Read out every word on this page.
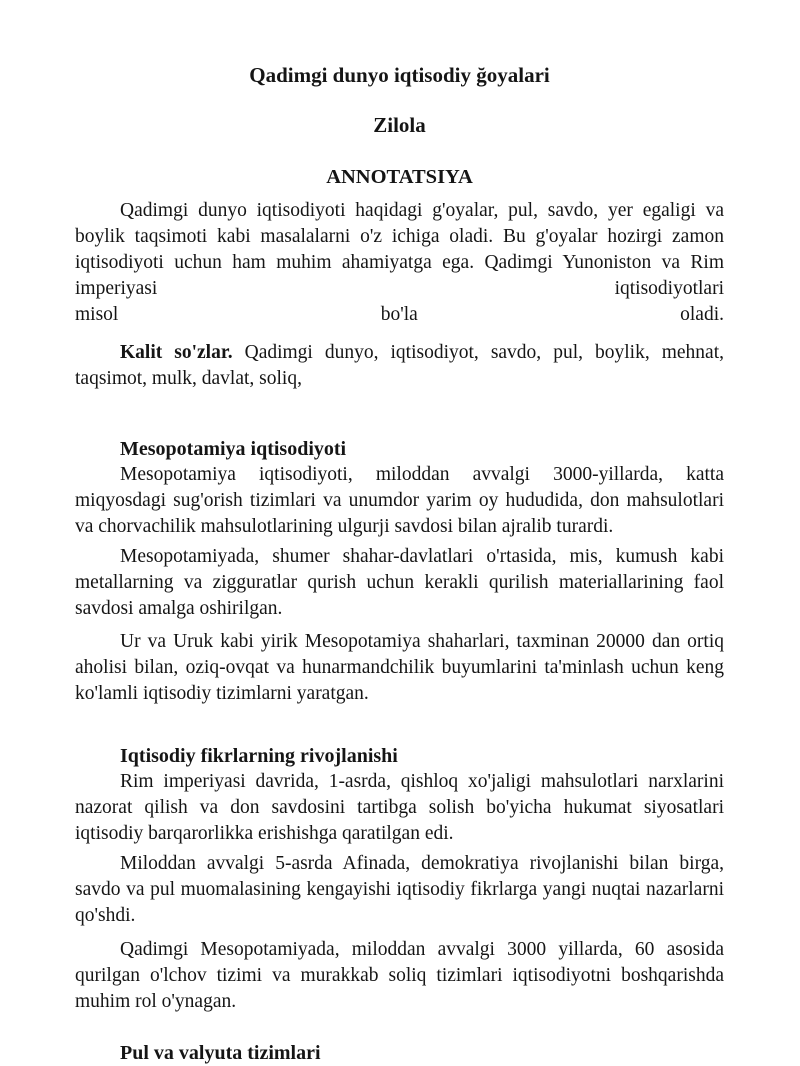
Qadimgi dunyo iqtisodiy ğoyalari
Zilola
ANNOTATSIYA
Qadimgi dunyo iqtisodiyoti haqidagi g'oyalar, pul, savdo, yer egaligi va boylik taqsimoti kabi masalalarni o'z ichiga oladi. Bu g'oyalar hozirgi zamon iqtisodiyoti uchun ham muhim ahamiyatga ega. Qadimgi Yunoniston va Rim imperiyasi iqtisodiyotlari
misol	bo'la	oladi.
Kalit so'zlar. Qadimgi dunyo, iqtisodiyot, savdo, pul, boylik, mehnat, taqsimot, mulk, davlat, soliq,
Mesopotamiya iqtisodiyoti

Mesopotamiya iqtisodiyoti, miloddan avvalgi 3000-yillarda, katta miqyosdagi sug'orish tizimlari va unumdor yarim oy hududida, don mahsulotlari va chorvachilik mahsulotlarining ulgurji savdosi bilan ajralib turardi.

Mesopotamiyada, shumer shahar-davlatlari o'rtasida, mis, kumush kabi metallarning va zigguratlar qurish uchun kerakli qurilish materiallarining faol savdosi amalga oshirilgan.

Ur va Uruk kabi yirik Mesopotamiya shaharlari, taxminan 20000 dan ortiq aholisi bilan, oziq-ovqat va hunarmandchilik buyumlarini ta'minlash uchun keng ko'lamli iqtisodiy tizimlarni yaratgan.

Iqtisodiy fikrlarning rivojlanishi

Rim imperiyasi davrida, 1-asrda, qishloq xo'jaligi mahsulotlari narxlarini nazorat qilish va don savdosini tartibga solish bo'yicha hukumat siyosatlari iqtisodiy barqarorlikka erishishga qaratilgan edi.

Miloddan avvalgi 5-asrda Afinada, demokratiya rivojlanishi bilan birga, savdo va pul muomalasining kengayishi iqtisodiy fikrlarga yangi nuqtai nazarlarni qo'shdi.

Qadimgi Mesopotamiyada, miloddan avvalgi 3000 yillarda, 60 asosida qurilgan o'lchov tizimi va murakkab soliq tizimlari iqtisodiyotni boshqarishda muhim rol o'ynagan.

Pul va valyuta tizimlari
